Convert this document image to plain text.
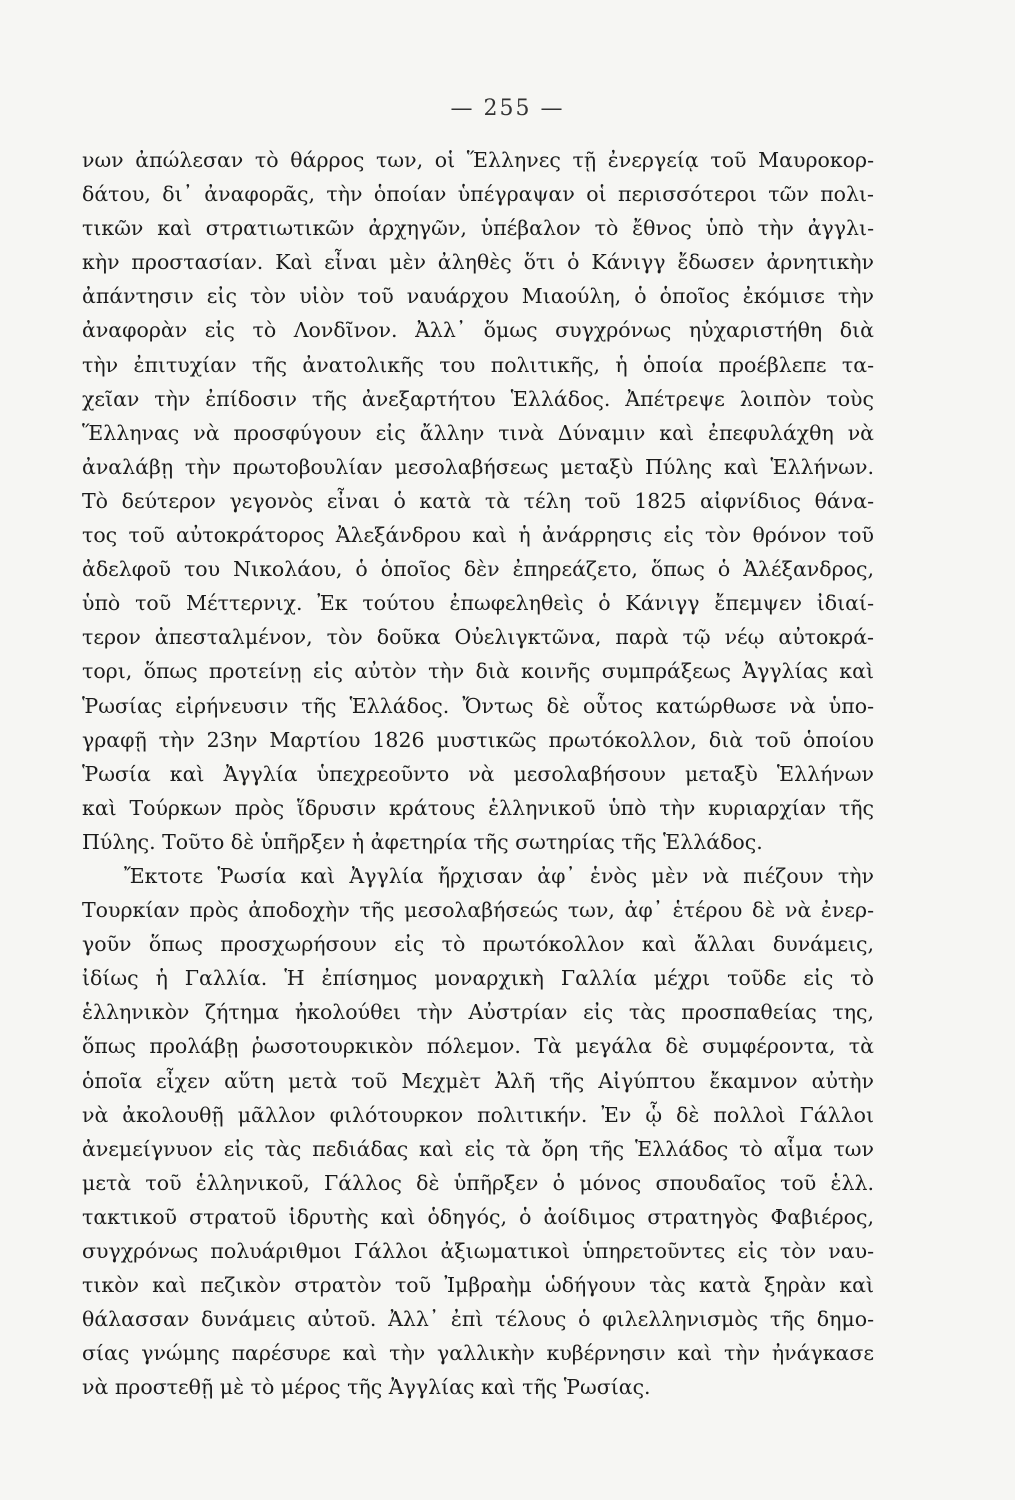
— 255 —
νων ἀπώλεσαν τὸ θάρρος των, οἱ Ἕλληνες τῇ ἐνεργείᾳ τοῦ Μαυροκορ-
δάτου, δι᾽ ἀναφορᾶς, τὴν ὁποίαν ὑπέγραψαν οἱ περισσότεροι τῶν πολι-
τικῶν καὶ στρατιωτικῶν ἀρχηγῶν, ὑπέβαλον τὸ ἔθνος ὑπὸ τὴν ἀγγλι-
κὴν προστασίαν. Καὶ εἶναι μὲν ἀληθὲς ὅτι ὁ Κάνιγγ ἔδωσεν ἀρνητικὴν
ἀπάντησιν εἰς τὸν υἱὸν τοῦ ναυάρχου Μιαούλη, ὁ ὁποῖος ἐκόμισε τὴν
ἀναφορὰν εἰς τὸ Λονδῖνον. Ἀλλ᾽ ὅμως συγχρόνως ηὐχαριστήθη διὰ
τὴν ἐπιτυχίαν τῆς ἀνατολικῆς του πολιτικῆς, ἡ ὁποία προέβλεπε τα-
χεῖαν τὴν ἐπίδοσιν τῆς ἀνεξαρτήτου Ἑλλάδος. Ἀπέτρεψε λοιπὸν τοὺς
Ἕλληνας νὰ προσφύγουν εἰς ἄλλην τινὰ Δύναμιν καὶ ἐπεφυλάχθη νὰ
ἀναλάβῃ τὴν πρωτοβουλίαν μεσολαβήσεως μεταξὺ Πύλης καὶ Ἑλλήνων.
Τὸ δεύτερον γεγονὸς εἶναι ὁ κατὰ τὰ τέλη τοῦ 1825 αἰφνίδιος θάνα-
τος τοῦ αὐτοκράτορος Ἀλεξάνδρου καὶ ἡ ἀνάρρησις εἰς τὸν θρόνον τοῦ
ἀδελφοῦ του Νικολάου, ὁ ὁποῖος δὲν ἐπηρεάζετο, ὅπως ὁ Ἀλέξανδρος,
ὑπὸ τοῦ Μέττερνιχ. Ἐκ τούτου ἐπωφεληθεὶς ὁ Κάνιγγ ἔπεμψεν ἰδιαί-
τερον ἀπεσταλμένον, τὸν δοῦκα Οὐελιγκτῶνα, παρὰ τῷ νέῳ αὐτοκρά-
τορι, ὅπως προτείνῃ εἰς αὐτὸν τὴν διὰ κοινῆς συμπράξεως Ἀγγλίας καὶ
Ῥωσίας εἰρήνευσιν τῆς Ἑλλάδος. Ὄντως δὲ οὗτος κατώρθωσε νὰ ὑπο-
γραφῇ τὴν 23ην Μαρτίου 1826 μυστικῶς πρωτόκολλον, διὰ τοῦ ὁποίου
Ῥωσία καὶ Ἀγγλία ὑπεχρεοῦντο νὰ μεσολαβήσουν μεταξὺ Ἑλλήνων
καὶ Τούρκων πρὸς ἵδρυσιν κράτους ἑλληνικοῦ ὑπὸ τὴν κυριαρχίαν τῆς
Πύλης. Τοῦτο δὲ ὑπῆρξεν ἡ ἀφετηρία τῆς σωτηρίας τῆς Ἑλλάδος.
Ἔκτοτε Ῥωσία καὶ Ἀγγλία ἤρχισαν ἀφ᾽ ἑνὸς μὲν νὰ πιέζουν τὴν
Τουρκίαν πρὸς ἀποδοχὴν τῆς μεσολαβήσεώς των, ἀφ᾽ ἑτέρου δὲ νὰ ἐνερ-
γοῦν ὅπως προσχωρήσουν εἰς τὸ πρωτόκολλον καὶ ἄλλαι δυνάμεις,
ἰδίως ἡ Γαλλία. Ἡ ἐπίσημος μοναρχικὴ Γαλλία μέχρι τοῦδε εἰς τὸ
ἑλληνικὸν ζήτημα ἠκολούθει τὴν Αὐστρίαν εἰς τὰς προσπαθείας της,
ὅπως προλάβῃ ῥωσοτουρκικὸν πόλεμον. Τὰ μεγάλα δὲ συμφέροντα, τὰ
ὁποῖα εἶχεν αὕτη μετὰ τοῦ Μεχμὲτ Ἀλῆ τῆς Αἰγύπτου ἔκαμνον αὐτὴν
νὰ ἀκολουθῇ μᾶλλον φιλότουρκον πολιτικήν. Ἐν ᾧ δὲ πολλοὶ Γάλλοι
ἀνεμείγνυον εἰς τὰς πεδιάδας καὶ εἰς τὰ ὄρη τῆς Ἑλλάδος τὸ αἷμα των
μετὰ τοῦ ἑλληνικοῦ, Γάλλος δὲ ὑπῆρξεν ὁ μόνος σπουδαῖος τοῦ ἑλλ.
τακτικοῦ στρατοῦ ἱδρυτὴς καὶ ὁδηγός, ὁ ἀοίδιμος στρατηγὸς Φαβιέρος,
συγχρόνως πολυάριθμοι Γάλλοι ἀξιωματικοὶ ὑπηρετοῦντες εἰς τὸν ναυ-
τικὸν καὶ πεζικὸν στρατὸν τοῦ Ἰμβραὴμ ὡδήγουν τὰς κατὰ ξηρὰν καὶ
θάλασσαν δυνάμεις αὐτοῦ. Ἀλλ᾽ ἐπὶ τέλους ὁ φιλελληνισμὸς τῆς δημο-
σίας γνώμης παρέσυρε καὶ τὴν γαλλικὴν κυβέρνησιν καὶ τὴν ἠνάγκασε
νὰ προστεθῇ μὲ τὸ μέρος τῆς Ἀγγλίας καὶ τῆς Ῥωσίας.
